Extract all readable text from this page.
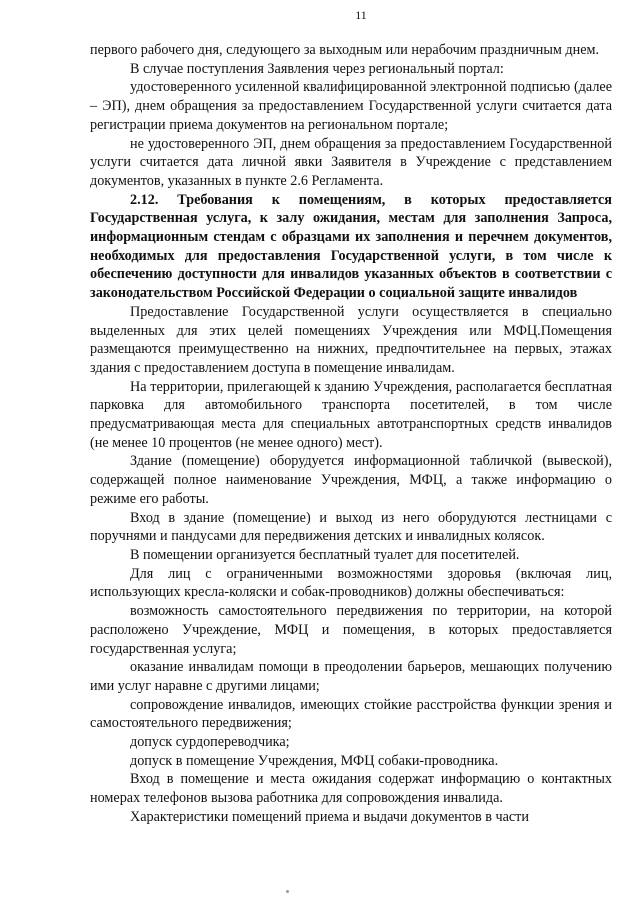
11

первого рабочего дня, следующего за выходным или нерабочим праздничным днем.

В случае поступления Заявления через региональный портал:

удостоверенного усиленной квалифицированной электронной подписью (далее – ЭП), днем обращения за предоставлением Государственной услуги считается дата регистрации приема документов на региональном портале;

не удостоверенного ЭП, днем обращения за предоставлением Государственной услуги считается дата личной явки Заявителя в Учреждение с представлением документов, указанных в пункте 2.6 Регламента.

2.12. Требования к помещениям, в которых предоставляется Государственная услуга, к залу ожидания, местам для заполнения Запроса, информационным стендам с образцами их заполнения и перечнем документов, необходимых для предоставления Государственной услуги, в том числе к обеспечению доступности для инвалидов указанных объектов в соответствии с законодательством Российской Федерации о социальной защите инвалидов

Предоставление Государственной услуги осуществляется в специально выделенных для этих целей помещениях Учреждения или МФЦ.Помещения размещаются преимущественно на нижних, предпочтительнее на первых, этажах здания с предоставлением доступа в помещение инвалидам.

На территории, прилегающей к зданию Учреждения, располагается бесплатная парковка для автомобильного транспорта посетителей, в том числе предусматривающая места для специальных автотранспортных средств инвалидов (не менее 10 процентов (не менее одного) мест).

Здание (помещение) оборудуется информационной табличкой (вывеской), содержащей полное наименование Учреждения, МФЦ, а также информацию о режиме его работы.

Вход в здание (помещение) и выход из него оборудуются лестницами с поручнями и пандусами для передвижения детских и инвалидных колясок.

В помещении организуется бесплатный туалет для посетителей.

Для лиц с ограниченными возможностями здоровья (включая лиц, использующих кресла-коляски и собак-проводников) должны обеспечиваться:

возможность самостоятельного передвижения по территории, на которой расположено Учреждение, МФЦ и помещения, в которых предоставляется государственная услуга;

оказание инвалидам помощи в преодолении барьеров, мешающих получению ими услуг наравне с другими лицами;

сопровождение инвалидов, имеющих стойкие расстройства функции зрения и самостоятельного передвижения;

допуск сурдопереводчика;

допуск в помещение Учреждения, МФЦ собаки-проводника.

Вход в помещение и места ожидания содержат информацию о контактных номерах телефонов вызова работника для сопровождения инвалида.

Характеристики помещений приема и выдачи документов в части
